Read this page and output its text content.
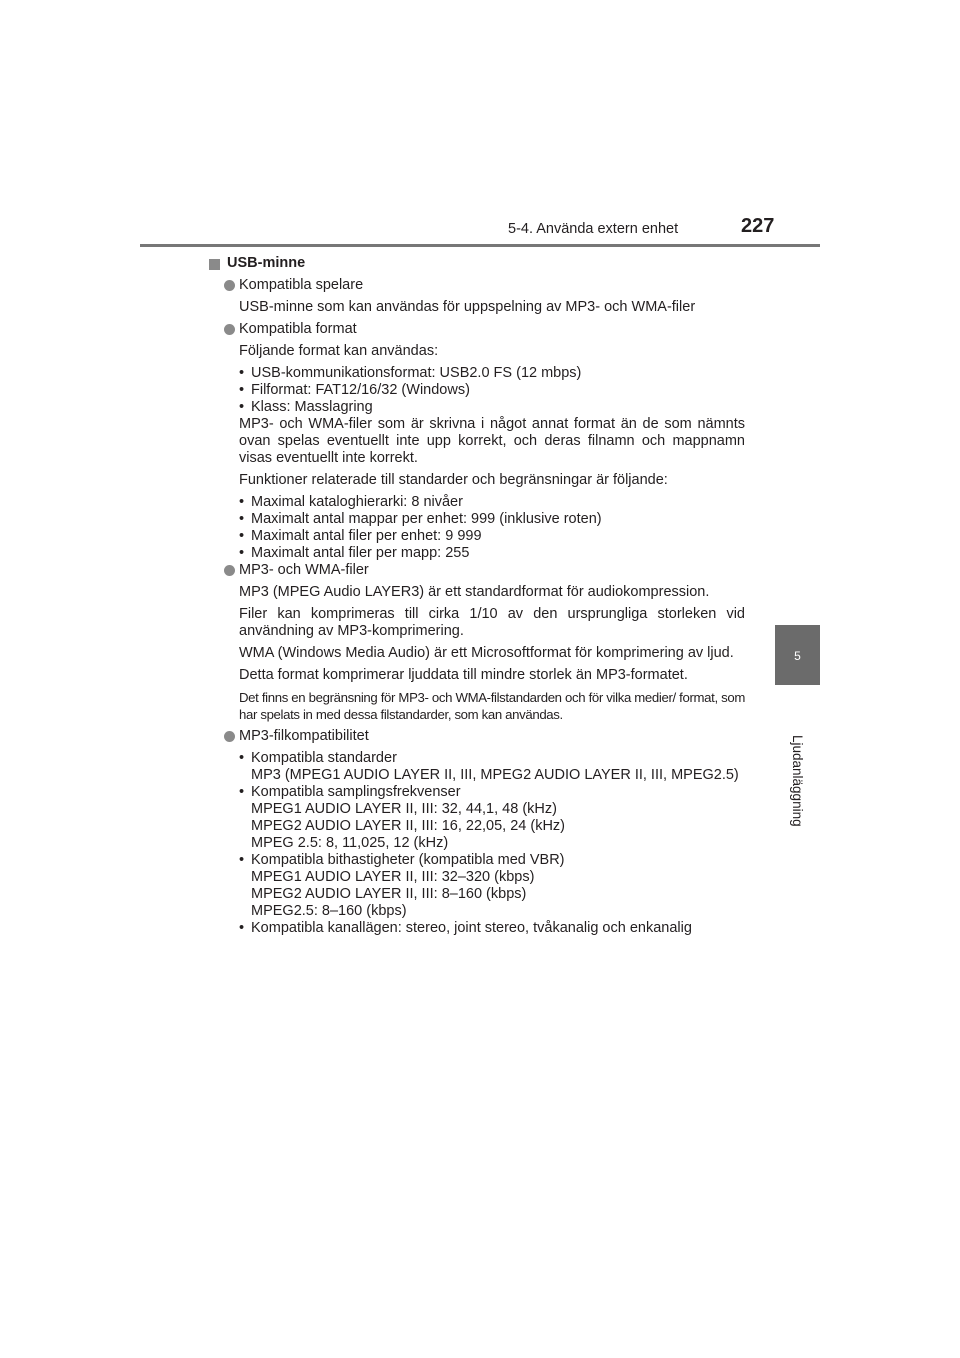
5-4. Använda extern enhet	227
5
Ljudanläggning
USB-minne
Kompatibla spelare
USB-minne som kan användas för uppspelning av MP3- och WMA-filer
Kompatibla format
Följande format kan användas:
• USB-kommunikationsformat: USB2.0 FS (12 mbps)
• Filformat: FAT12/16/32 (Windows)
• Klass: Masslagring
MP3- och WMA-filer som är skrivna i något annat format än de som nämnts ovan spelas eventuellt inte upp korrekt, och deras filnamn och mappnamn visas eventuellt inte korrekt.
Funktioner relaterade till standarder och begränsningar är följande:
• Maximal kataloghierarki: 8 nivåer
• Maximalt antal mappar per enhet: 999 (inklusive roten)
• Maximalt antal filer per enhet: 9 999
• Maximalt antal filer per mapp: 255
MP3- och WMA-filer
MP3 (MPEG Audio LAYER3) är ett standardformat för audiokompression.
Filer kan komprimeras till cirka 1/10 av den ursprungliga storleken vid användning av MP3-komprimering.
WMA (Windows Media Audio) är ett Microsoftformat för komprimering av ljud.
Detta format komprimerar ljuddata till mindre storlek än MP3-formatet.
Det finns en begränsning för MP3- och WMA-filstandarden och för vilka medier/ format, som har spelats in med dessa filstandarder, som kan användas.
MP3-filkompatibilitet
• Kompatibla standarder
MP3 (MPEG1 AUDIO LAYER II, III, MPEG2 AUDIO LAYER II, III, MPEG2.5)
• Kompatibla samplingsfrekvenser
MPEG1 AUDIO LAYER II, III: 32, 44,1, 48 (kHz)
MPEG2 AUDIO LAYER II, III: 16, 22,05, 24 (kHz)
MPEG 2.5: 8, 11,025, 12 (kHz)
• Kompatibla bithastigheter (kompatibla med VBR)
MPEG1 AUDIO LAYER II, III: 32–320 (kbps)
MPEG2 AUDIO LAYER II, III: 8–160 (kbps)
MPEG2.5: 8–160 (kbps)
• Kompatibla kanallägen: stereo, joint stereo, tvåkanalig och enkanalig
